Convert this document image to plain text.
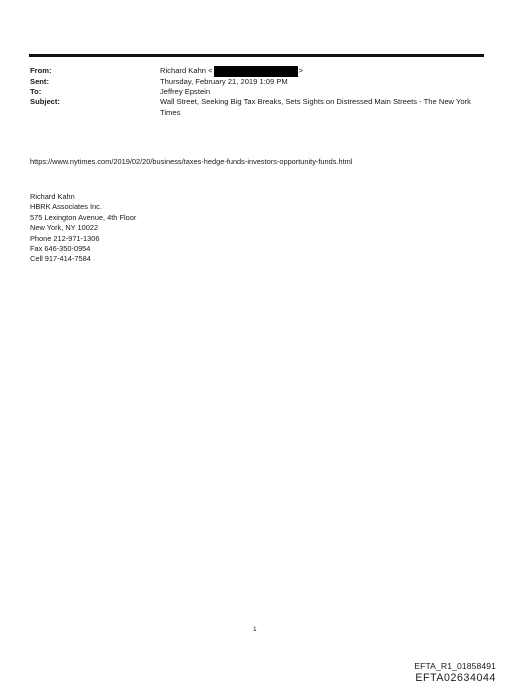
From:	Richard Kahn <	>
Sent:	Thursday, February 21, 2019 1:09 PM
To:	Jeffrey Epstein
Subject:	Wall Street, Seeking Big Tax Breaks, Sets Sights on Distressed Main Streets - The New York Times
https://www.nytimes.com/2019/02/20/business/taxes-hedge-funds-investors-opportunity-funds.html
Richard Kahn
HBRK Associates Inc.
575 Lexington Avenue, 4th Floor
New York, NY 10022
Phone 212-971-1306
Fax 646-350-0954
Cell 917-414-7584
1
EFTA_R1_01858491
EFTA02634044
